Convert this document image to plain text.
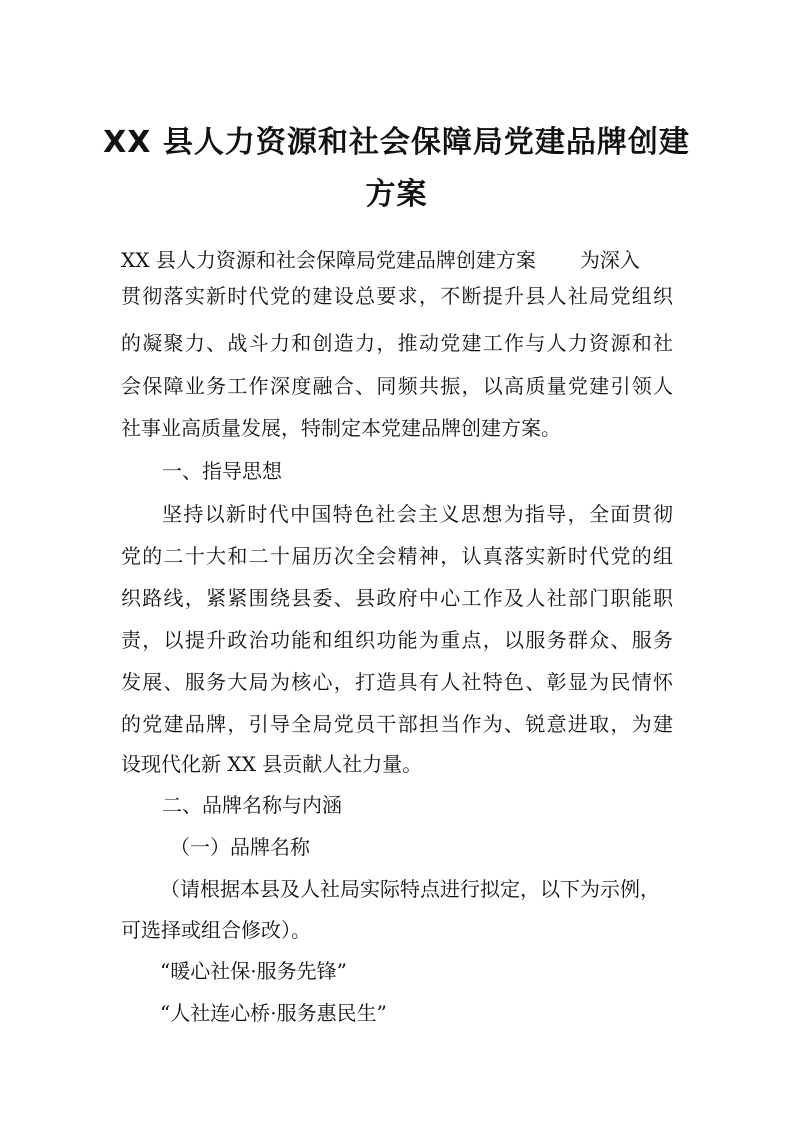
XX 县人力资源和社会保障局党建品牌创建
方案

XX 县人力资源和社会保障局党建品牌创建方案 为深入

贯彻落实新时代党的建设总要求，不断提升县人社局党组织

的凝聚力、战斗力和创造力，推动党建工作与人力资源和社

会保障业务工作深度融合、同频共振，以高质量党建引领人

社事业高质量发展，特制定本党建品牌创建方案。

一、指导思想

坚持以新时代中国特色社会主义思想为指导，全面贯彻

党的二十大和二十届历次全会精神，认真落实新时代党的组

织路线，紧紧围绕县委、县政府中心工作及人社部门职能职

责，以提升政治功能和组织功能为重点，以服务群众、服务

发展、服务大局为核心，打造具有人社特色、彰显为民情怀

的党建品牌，引导全局党员干部担当作为、锐意进取，为建

设现代化新 XX 县贡献人社力量。

二、品牌名称与内涵

（一）品牌名称

（请根据本县及人社局实际特点进行拟定，以下为示例，

可选择或组合修改）。

“暖心社保·服务先锋”

“人社连心桥·服务惠民生”
